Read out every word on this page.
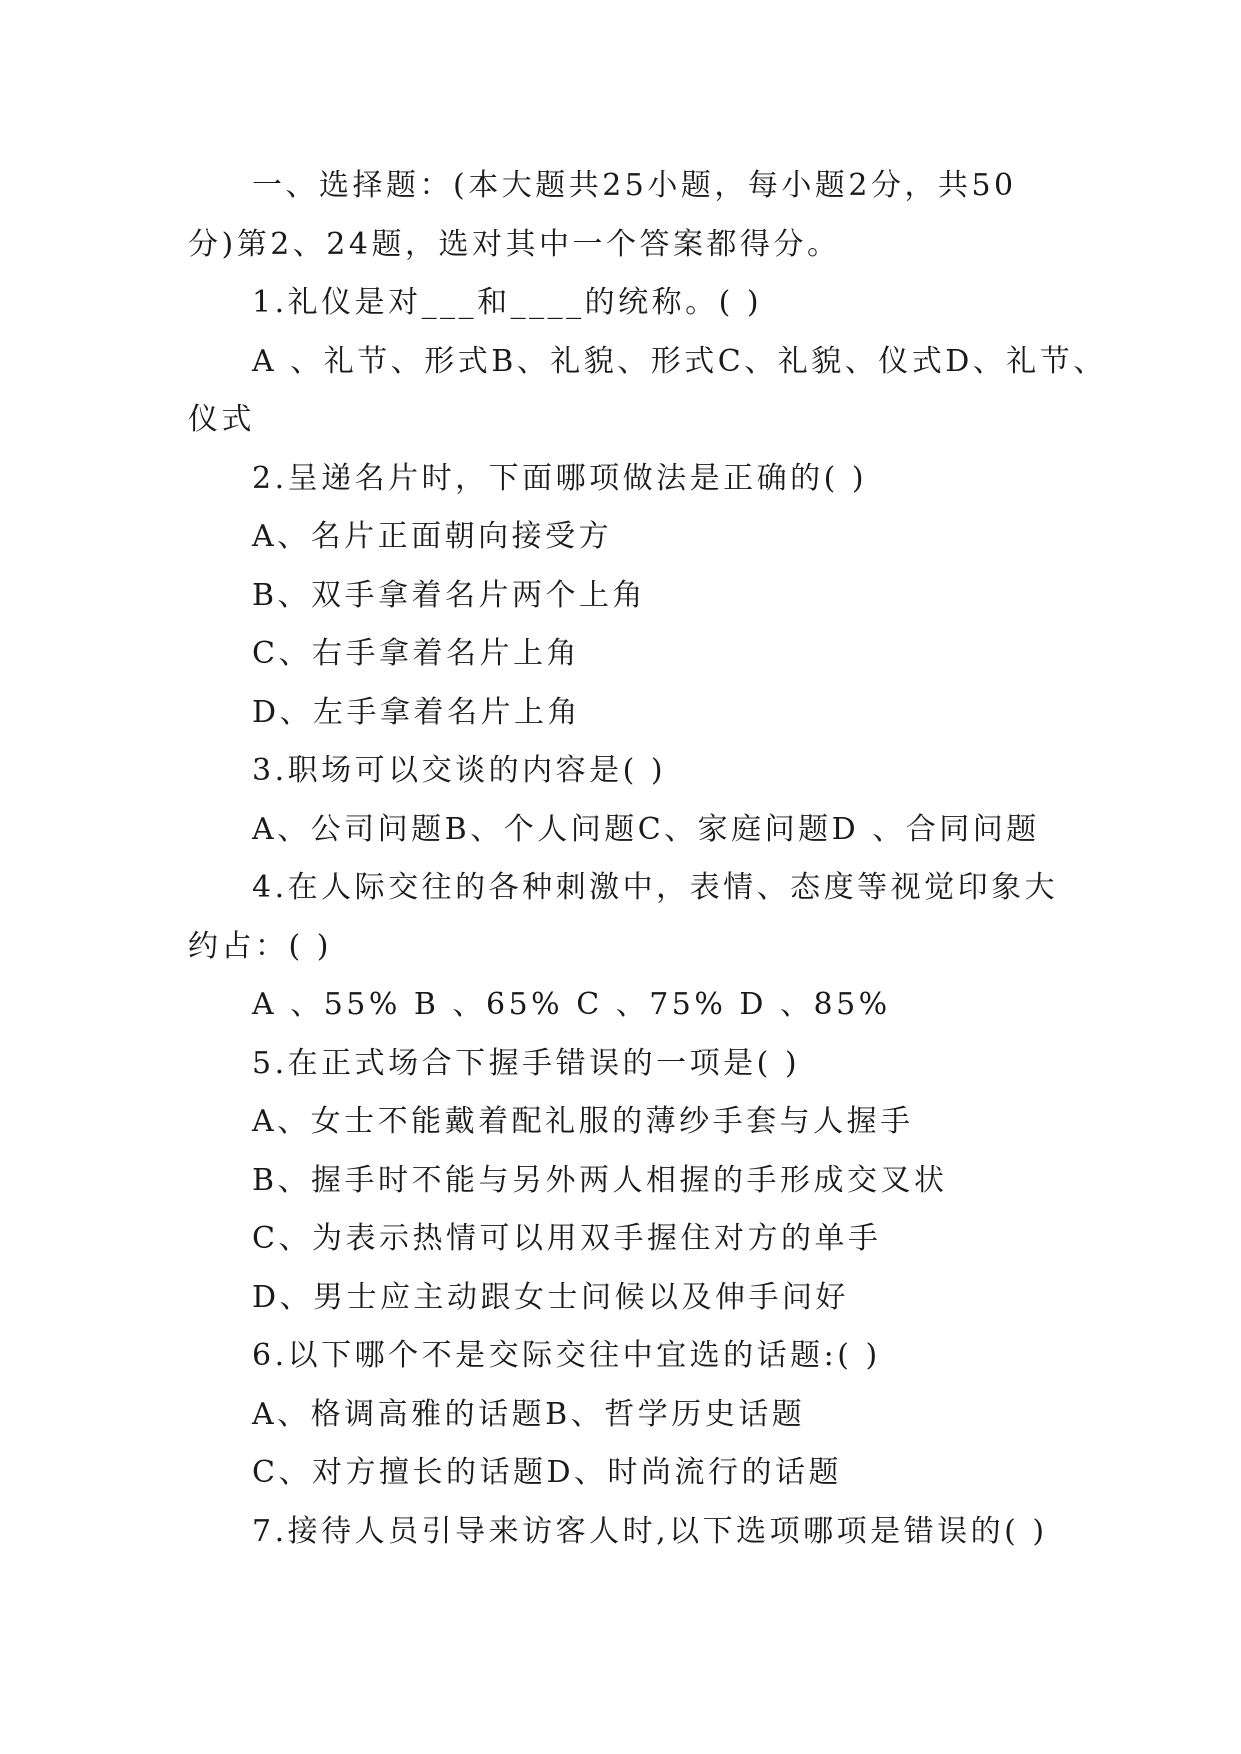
一、选择题：(本大题共25小题，每小题2分，共50
分)第2、24题，选对其中一个答案都得分。
1.礼仪是对___和____的统称。( )
A 、礼节、形式B、礼貌、形式C、礼貌、仪式D、礼节、
仪式
2.呈递名片时，下面哪项做法是正确的( )
A、名片正面朝向接受方
B、双手拿着名片两个上角
C、右手拿着名片上角
D、左手拿着名片上角
3.职场可以交谈的内容是( )
A、公司问题B、个人问题C、家庭问题D 、合同问题
4.在人际交往的各种刺激中，表情、态度等视觉印象大
约占：( )
A 、55% B 、65% C 、75% D 、85%
5.在正式场合下握手错误的一项是( )
A、女士不能戴着配礼服的薄纱手套与人握手
B、握手时不能与另外两人相握的手形成交叉状
C、为表示热情可以用双手握住对方的单手
D、男士应主动跟女士问候以及伸手问好
6.以下哪个不是交际交往中宜选的话题:( )
A、格调高雅的话题B、哲学历史话题
C、对方擅长的话题D、时尚流行的话题
7.接待人员引导来访客人时,以下选项哪项是错误的( )
